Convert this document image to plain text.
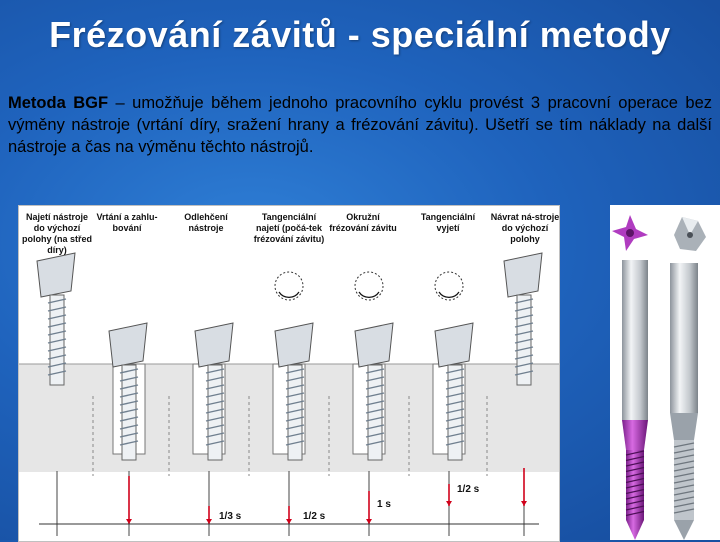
Frézování závitů - speciální metody
Metoda BGF – umožňuje během jednoho pracovního cyklu provést 3 pracovní operace bez výměny nástroje (vrtání díry, sražení hrany a frézování závitu). Ušetří se tím náklady na další nástroje a čas na výměnu těchto nástrojů.
Najetí nástroje do výchozí polohy (na střed díry)
Vrtání a zahlu-bování
Odlehčení nástroje
Tangenciální najetí (počá-tek frézování závitu)
Okružní frézování závitu
Tangenciální vyjetí
Návrat ná-stroje do výchozí polohy
1/3 s	1/2 s
1 s
1/2 s
